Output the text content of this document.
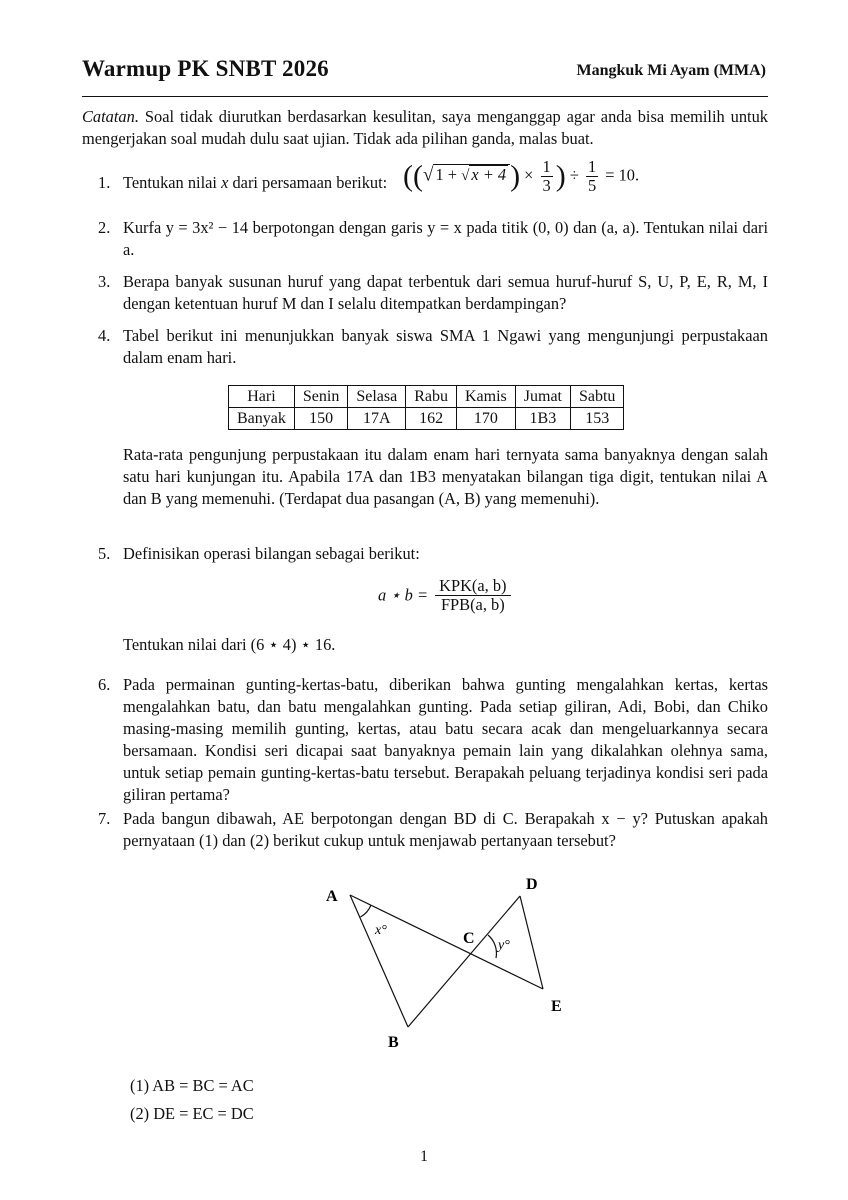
Warmup PK SNBT 2026	Mangkuk Mi Ayam (MMA)
Catatan. Soal tidak diurutkan berdasarkan kesulitan, saya menganggap agar anda bisa memilih untuk mengerjakan soal mudah dulu saat ujian. Tidak ada pilihan ganda, malas buat.
1. Tentukan nilai x dari persamaan berikut: ((√ 1 + √ x + 4 ) × $\frac{1}{3}$ ) ÷ $\frac{1}{5} = 10$.
2. Kurfa y = 3x² − 14 berpotongan dengan garis y = x pada titik (0, 0) dan (a, a). Tentukan nilai dari a.
3. Berapa banyak susunan huruf yang dapat terbentuk dari semua huruf-huruf S, U, P, E, R, M, I dengan ketentuan huruf M dan I selalu ditempatkan berdampingan?
4. Tabel berikut ini menunjukkan banyak siswa SMA 1 Ngawi yang mengunjungi perpustakaan dalam enam hari.
Hari	Senin	Selasa	Rabu	Kamis	Jumat	Sabtu
Banyak	150	17A	162	170	1B3	153
Rata-rata pengunjung perpustakaan itu dalam enam hari ternyata sama banyaknya dengan salah satu hari kunjungan itu. Apabila 17A dan 1B3 menyatakan bilangan tiga digit, tentukan nilai A dan B yang memenuhi. (Terdapat dua pasangan (A, B) yang memenuhi).
5. Definisikan operasi bilangan sebagai berikut:
a ⋆ $b = \frac{\text{KPK(a, b)}}{\text{FPB(a, b)}}$
Tentukan nilai dari (6 ⋆ 4) ⋆ 16.
6. Pada permainan gunting-kertas-batu, diberikan bahwa gunting mengalahkan kertas, kertas mengalahkan batu, dan batu mengalahkan gunting. Pada setiap giliran, Adi, Bobi, dan Chiko masing-masing memilih gunting, kertas, atau batu secara acak dan mengeluarkannya secara bersamaan. Kondisi seri dicapai saat banyaknya pemain lain yang dikalahkan olehnya sama, untuk setiap pemain gunting-kertas-batu tersebut. Berapakah peluang terjadinya kondisi seri pada giliran pertama?
7. Pada bangun dibawah, AE berpotongan dengan BD di C. Berapakah x − y? Putuskan apakah pernyataan (1) dan (2) berikut cukup untuk menjawab pertanyaan tersebut?
A
B
C
D
E
x°
y°
(1) AB = BC = AC
(2) DE = EC = DC
1
